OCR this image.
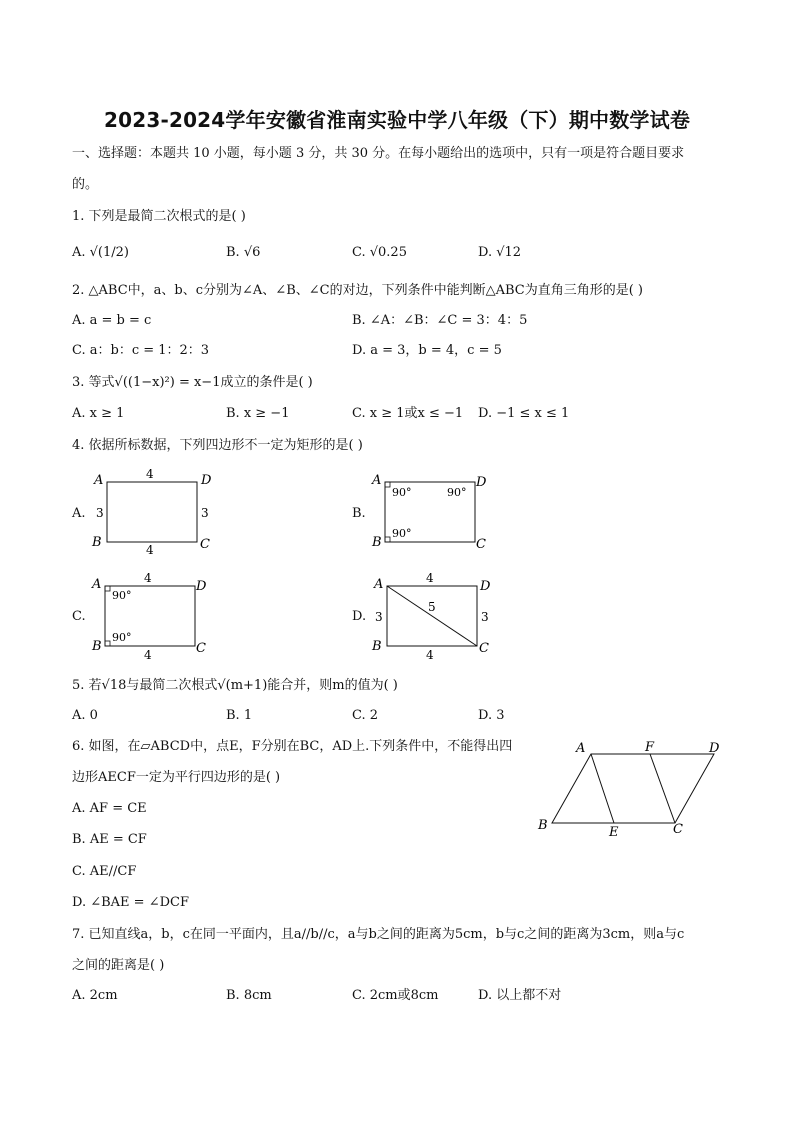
2023-2024学年安徽省淮南实验中学八年级（下）期中数学试卷
一、选择题：本题共 10 小题，每小题 3 分，共 30 分。在每小题给出的选项中，只有一项是符合题目要求
的。
1. 下列是最简二次根式的是( )
A. √(1/2)	B. √6	C. √0.25	D. √12
2. △ABC中，a、b、c分别为∠A、∠B、∠C的对边，下列条件中能判断△ABC为直角三角形的是( )
A. a = b = c	B. ∠A：∠B：∠C = 3：4：5
C. a：b：c = 1：2：3	D. a = 3，b = 4，c = 5
3. 等式√((1−x)²) = x−1成立的条件是( )
A. x ≥ 1	B. x ≥ −1	C. x ≥ 1或x ≤ −1 D. −1 ≤ x ≤ 1
4. 依据所标数据，下列四边形不一定为矩形的是( )
A.
A	D
B	C
4
4
3	3	B.
A	D
B	C
90°	90°
90°
C.
A	D
B	C
4
4
90°
90°
D.
A	D
B	C
4
4
3	3
5
5. 若√18与最简二次根式√(m+1)能合并，则m的值为( )
A. 0	B. 1	C. 2	D. 3
6. 如图，在▱ABCD中，点E，F分别在BC，AD上.下列条件中，不能得出四
边形AECF一定为平行四边形的是( )
A. AF = CE
B. AE = CF
C. AE//CF
D. ∠BAE = ∠DCF
A	F	D
B	E	C
7. 已知直线a，b，c在同一平面内，且a//b//c，a与b之间的距离为5cm，b与c之间的距离为3cm，则a与c
之间的距离是( )
A. 2cm	B. 8cm	C. 2cm或8cm	D. 以上都不对
